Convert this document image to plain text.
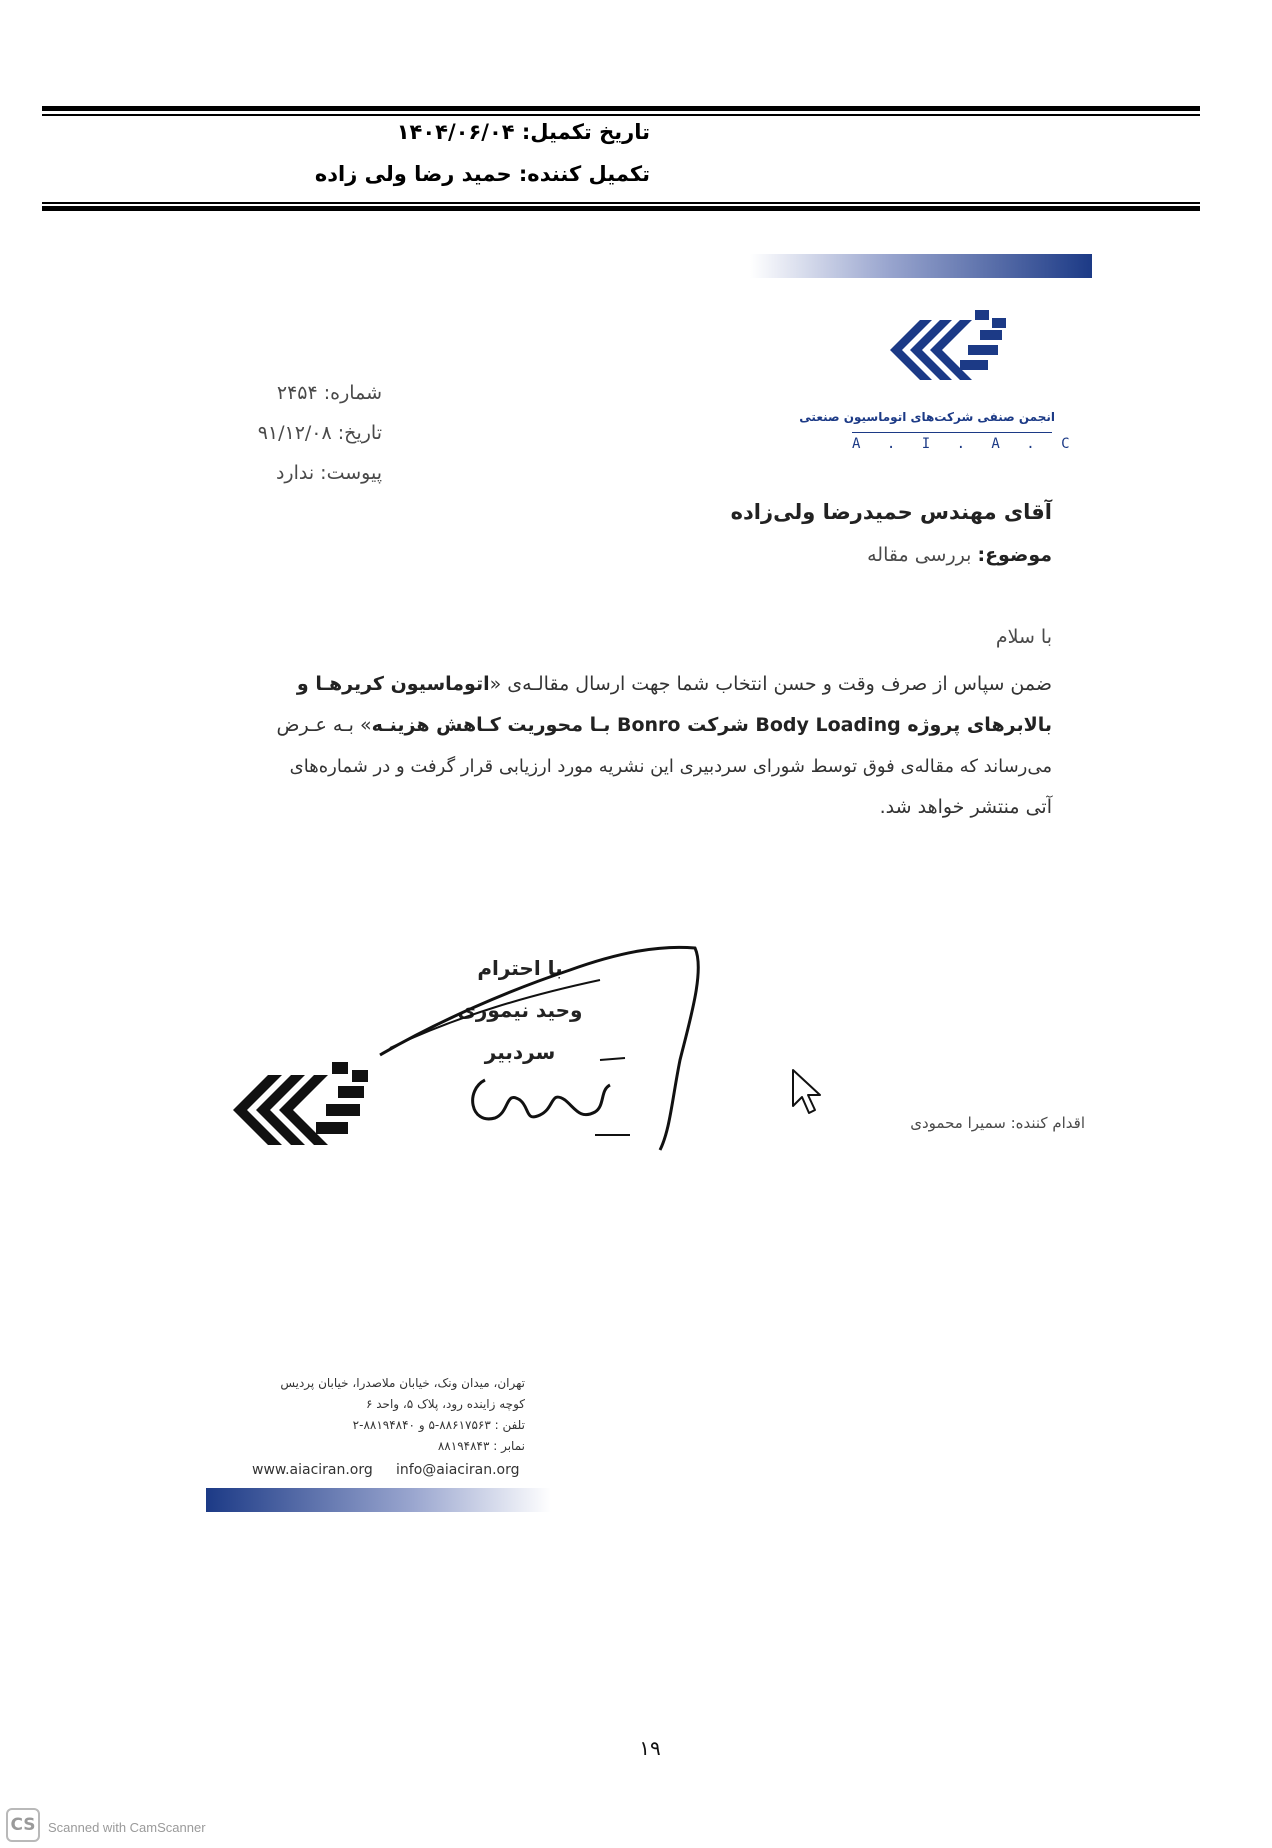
تاریخ تکمیل: ۱۴۰۴/۰۶/۰۴
تکمیل کننده: حمید رضا ولی زاده
انجمن صنفی شرکت‌های اتوماسیون صنعتی
A . I . A . C
شماره: ۲۴۵۴
تاریخ: ۹۱/۱۲/۰۸
پیوست: ندارد
آقای مهندس حمیدرضا ولی‌زاده
موضوع: بررسی مقاله
با سلام
ضمن سپاس از صرف وقت و حسن انتخاب شما جهت ارسال مقالـه‌ی «اتوماسیون کریرهـا و
بالابرهای پروژه Body Loading شرکت Bonro بـا محوریت کـاهش هزینـه» بـه عـرض
می‌رساند که مقاله‌ی فوق توسط شورای سردبیری این نشریه مورد ارزیابی قرار گرفت و در شماره‌های
آتی منتشر خواهد شد.
با احترام
وحید نیموری
سردبیر
اقدام کننده: سمیرا محمودی
تهران، میدان ونک، خیابان ملاصدرا، خیابان پردیس
کوچه زاینده رود، پلاک ۵، واحد ۶
تلفن : ۸۸۶۱۷۵۶۳-۵ و ۸۸۱۹۴۸۴۰-۲
نمابر : ۸۸۱۹۴۸۴۳
www.aiaciran.org info@aiaciran.org
۱۹
CS Scanned with CamScanner
